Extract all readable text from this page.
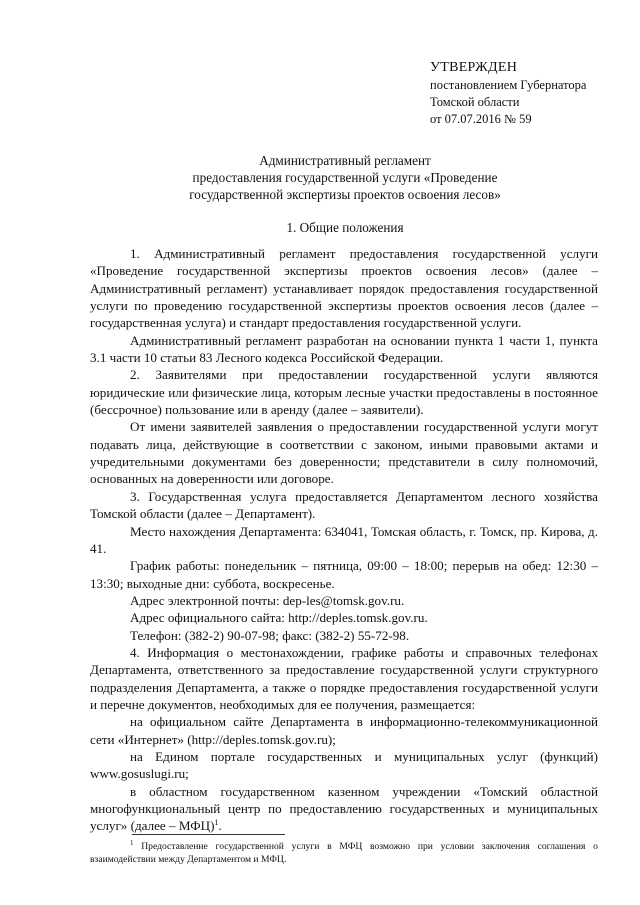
УТВЕРЖДЕН
постановлением Губернатора
Томской области
от 07.07.2016 № 59
Административный регламент
предоставления государственной услуги «Проведение
государственной экспертизы проектов освоения лесов»
1. Общие положения

1. Административный регламент предоставления государственной услуги «Проведение государственной экспертизы проектов освоения лесов» (далее – Административный регламент) устанавливает порядок предоставления государственной услуги по проведению государственной экспертизы проектов освоения лесов (далее – государственная услуга) и стандарт предоставления государственной услуги.

Административный регламент разработан на основании пункта 1 части 1, пункта 3.1 части 10 статьи 83 Лесного кодекса Российской Федерации.

2. Заявителями при предоставлении государственной услуги являются юридические или физические лица, которым лесные участки предоставлены в постоянное (бессрочное) пользование или в аренду (далее – заявители).

От имени заявителей заявления о предоставлении государственной услуги могут подавать лица, действующие в соответствии с законом, иными правовыми актами и учредительными документами без доверенности; представители в силу полномочий, основанных на доверенности или договоре.

3. Государственная услуга предоставляется Департаментом лесного хозяйства Томской области (далее – Департамент).

Место нахождения Департамента: 634041, Томская область, г. Томск, пр. Кирова, д. 41.

График работы: понедельник – пятница, 09:00 – 18:00; перерыв на обед: 12:30 – 13:30; выходные дни: суббота, воскресенье.

Адрес электронной почты: dep-les@tomsk.gov.ru.

Адрес официального сайта: http://deples.tomsk.gov.ru.

Телефон: (382-2) 90-07-98; факс: (382-2) 55-72-98.

4. Информация о местонахождении, графике работы и справочных телефонах Департамента, ответственного за предоставление государственной услуги структурного подразделения Департамента, а также о порядке предоставления государственной услуги и перечне документов, необходимых для ее получения, размещается:

на официальном сайте Департамента в информационно-телекоммуникационной сети «Интернет» (http://deples.tomsk.gov.ru);

на Едином портале государственных и муниципальных услуг (функций) www.gosuslugi.ru;

в областном государственном казенном учреждении «Томский областной многофункциональный центр по предоставлению государственных и муниципальных услуг» (далее – МФЦ)$^1$.

$^1$ Предоставление государственной услуги в МФЦ возможно при условии заключения соглашения о взаимодействии между Департаментом и МФЦ.
